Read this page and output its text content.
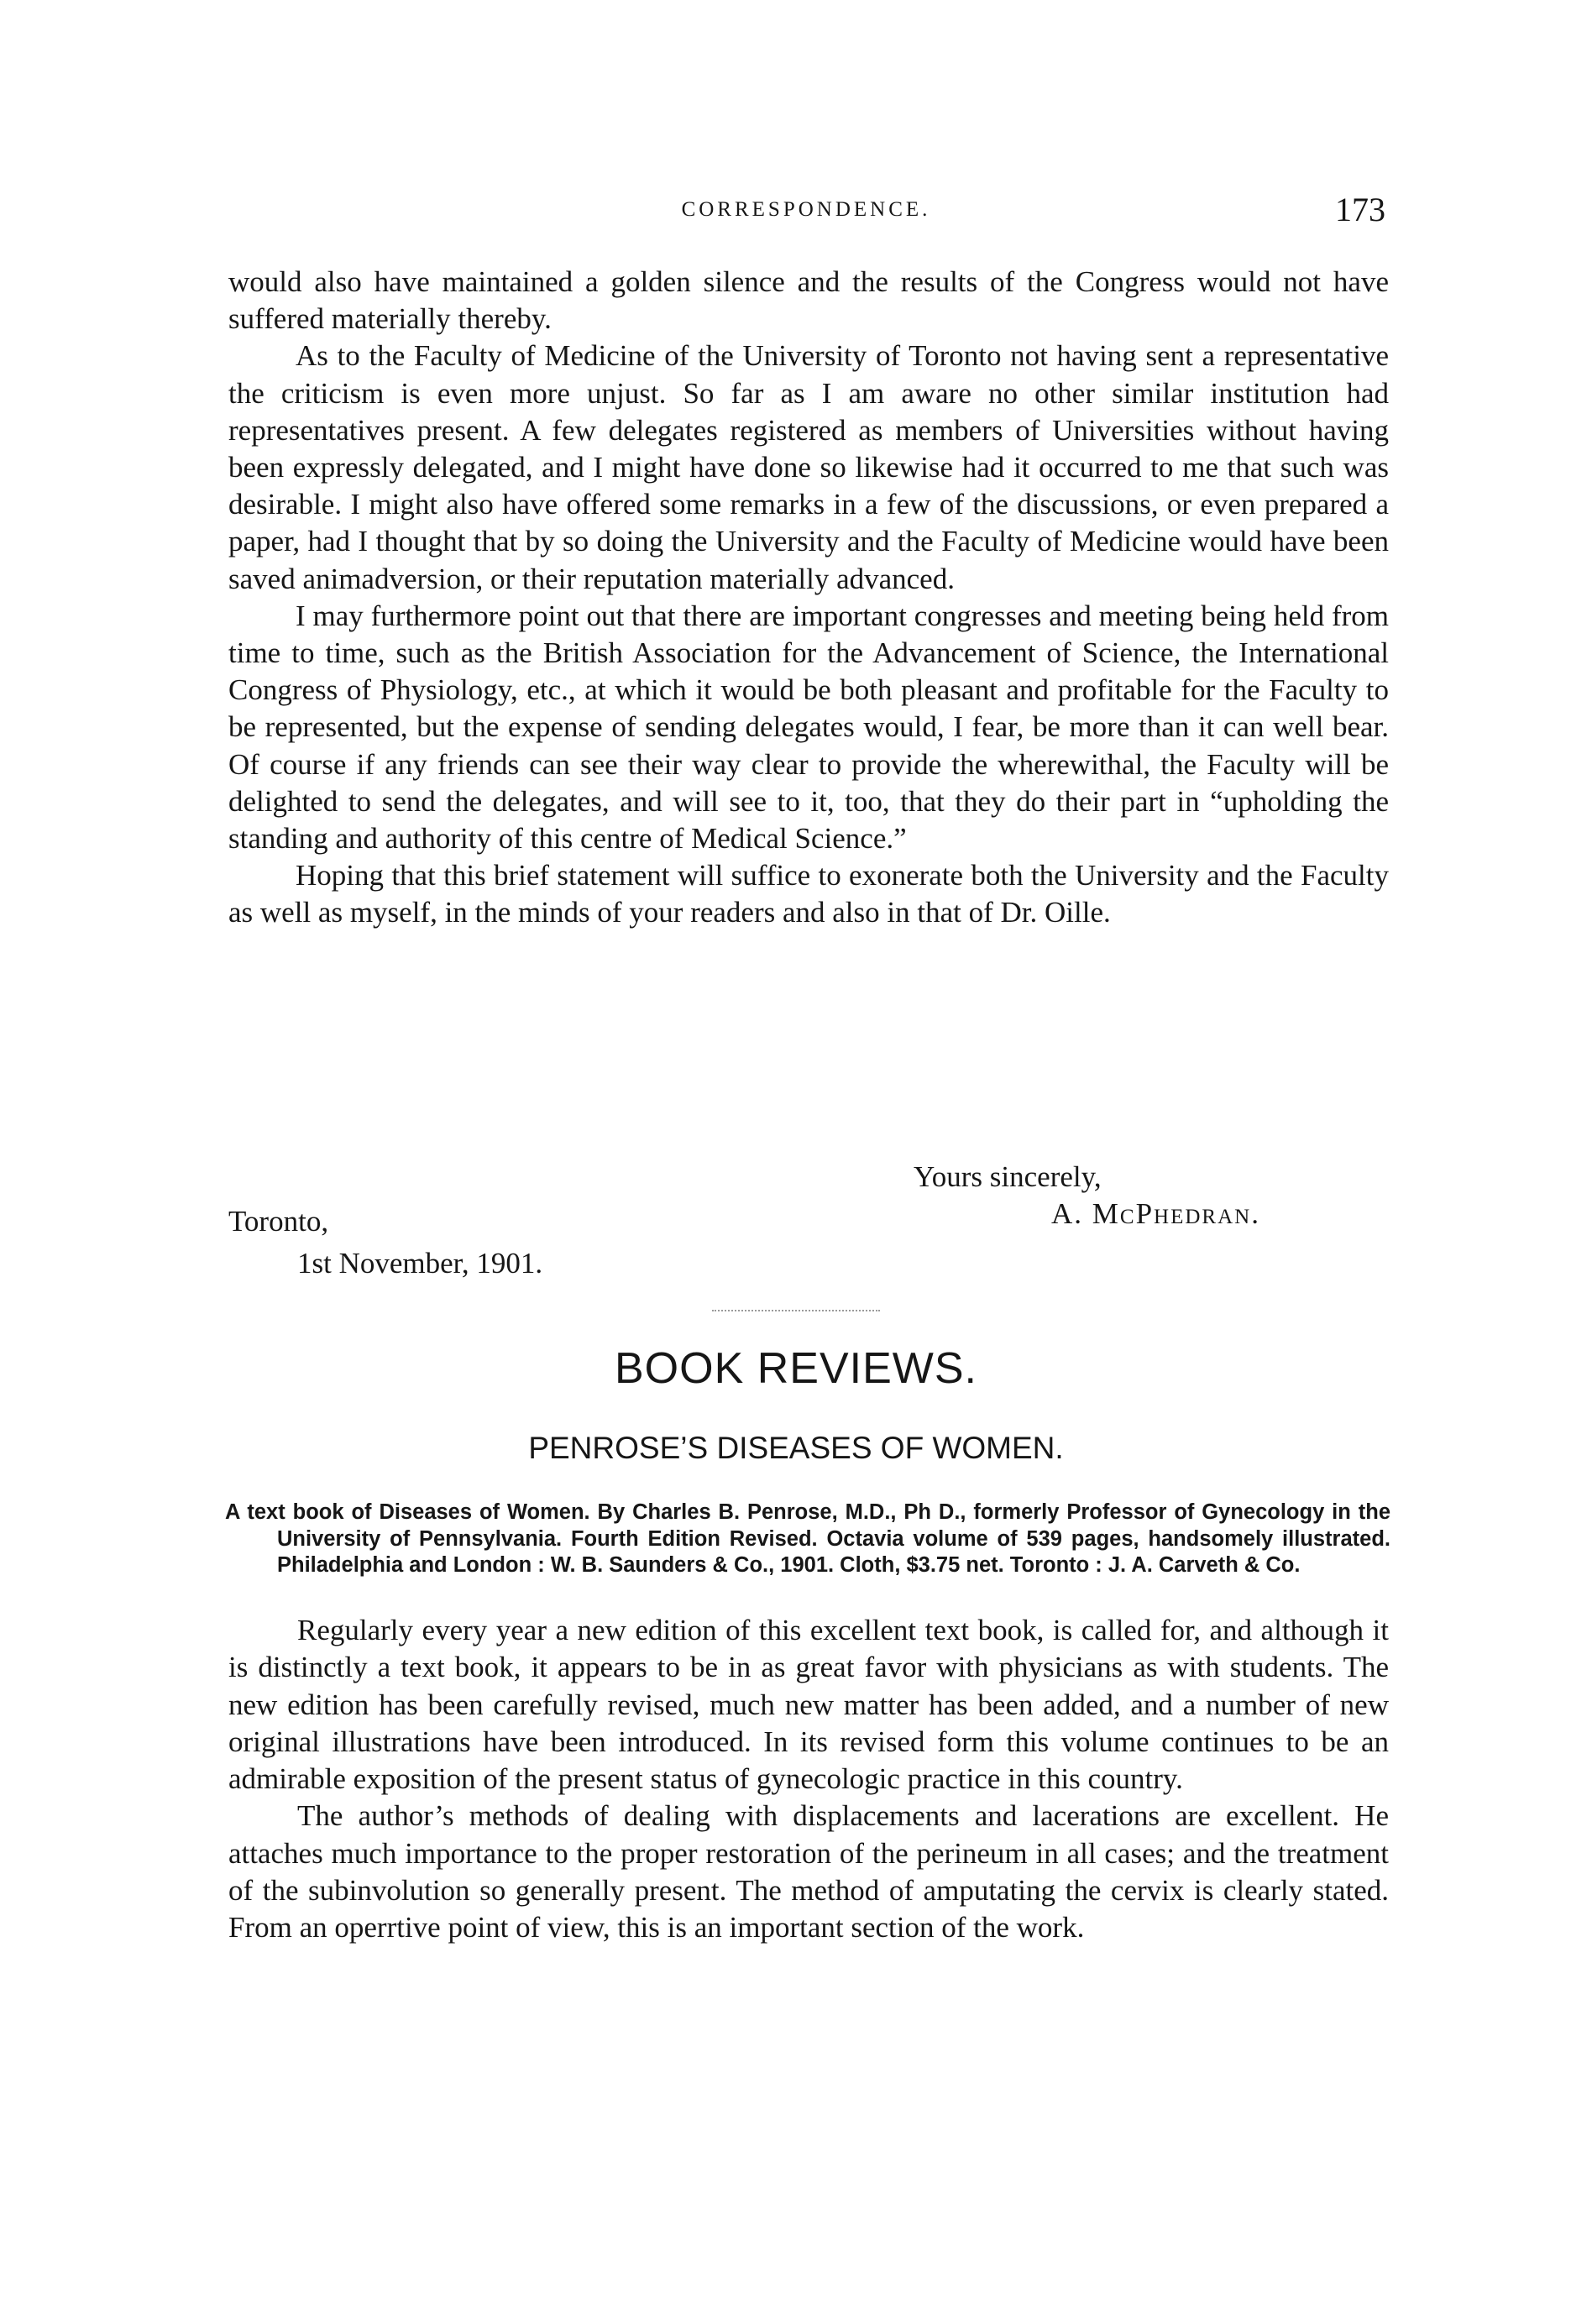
CORRESPONDENCE.	173

would also have maintained a golden silence and the results of the Congress would not have suffered materially thereby.

As to the Faculty of Medicine of the University of Toronto not having sent a representative the criticism is even more unjust. So far as I am aware no other similar institution had representatives present. A few delegates registered as members of Universities without having been expressly delegated, and I might have done so likewise had it occurred to me that such was desirable. I might also have offered some remarks in a few of the discussions, or even prepared a paper, had I thought that by so doing the University and the Faculty of Medicine would have been saved animadversion, or their reputation materially advanced.

I may furthermore point out that there are important congresses and meeting being held from time to time, such as the British Association for the Advancement of Science, the International Congress of Physiology, etc., at which it would be both pleasant and profitable for the Faculty to be represented, but the expense of sending delegates would, I fear, be more than it can well bear. Of course if any friends can see their way clear to provide the wherewithal, the Faculty will be delighted to send the delegates, and will see to it, too, that they do their part in “upholding the standing and authority of this centre of Medical Science.”

Hoping that this brief statement will suffice to exonerate both the University and the Faculty as well as myself, in the minds of your readers and also in that of Dr. Oille.

Yours sincerely,
A. McPhedran.
Toronto,
1st November, 1901.
BOOK REVIEWS.
PENROSE’S DISEASES OF WOMEN.

A text book of Diseases of Women. By Charles B. Penrose, M.D., Ph D., formerly Professor of Gynecology in the University of Pennsylvania. Fourth Edition Revised. Octavia volume of 539 pages, handsomely illustrated. Philadelphia and London : W. B. Saunders & Co., 1901. Cloth, $3.75 net. Toronto : J. A. Carveth & Co.

Regularly every year a new edition of this excellent text book, is called for, and although it is distinctly a text book, it appears to be in as great favor with physicians as with students. The new edition has been carefully revised, much new matter has been added, and a number of new original illustrations have been introduced. In its revised form this volume continues to be an admirable exposition of the present status of gynecologic practice in this country.

The author’s methods of dealing with displacements and lacerations are excellent. He attaches much importance to the proper restoration of the perineum in all cases; and the treatment of the subinvolution so generally present. The method of amputating the cervix is clearly stated. From an operrtive point of view, this is an important section of the work.
